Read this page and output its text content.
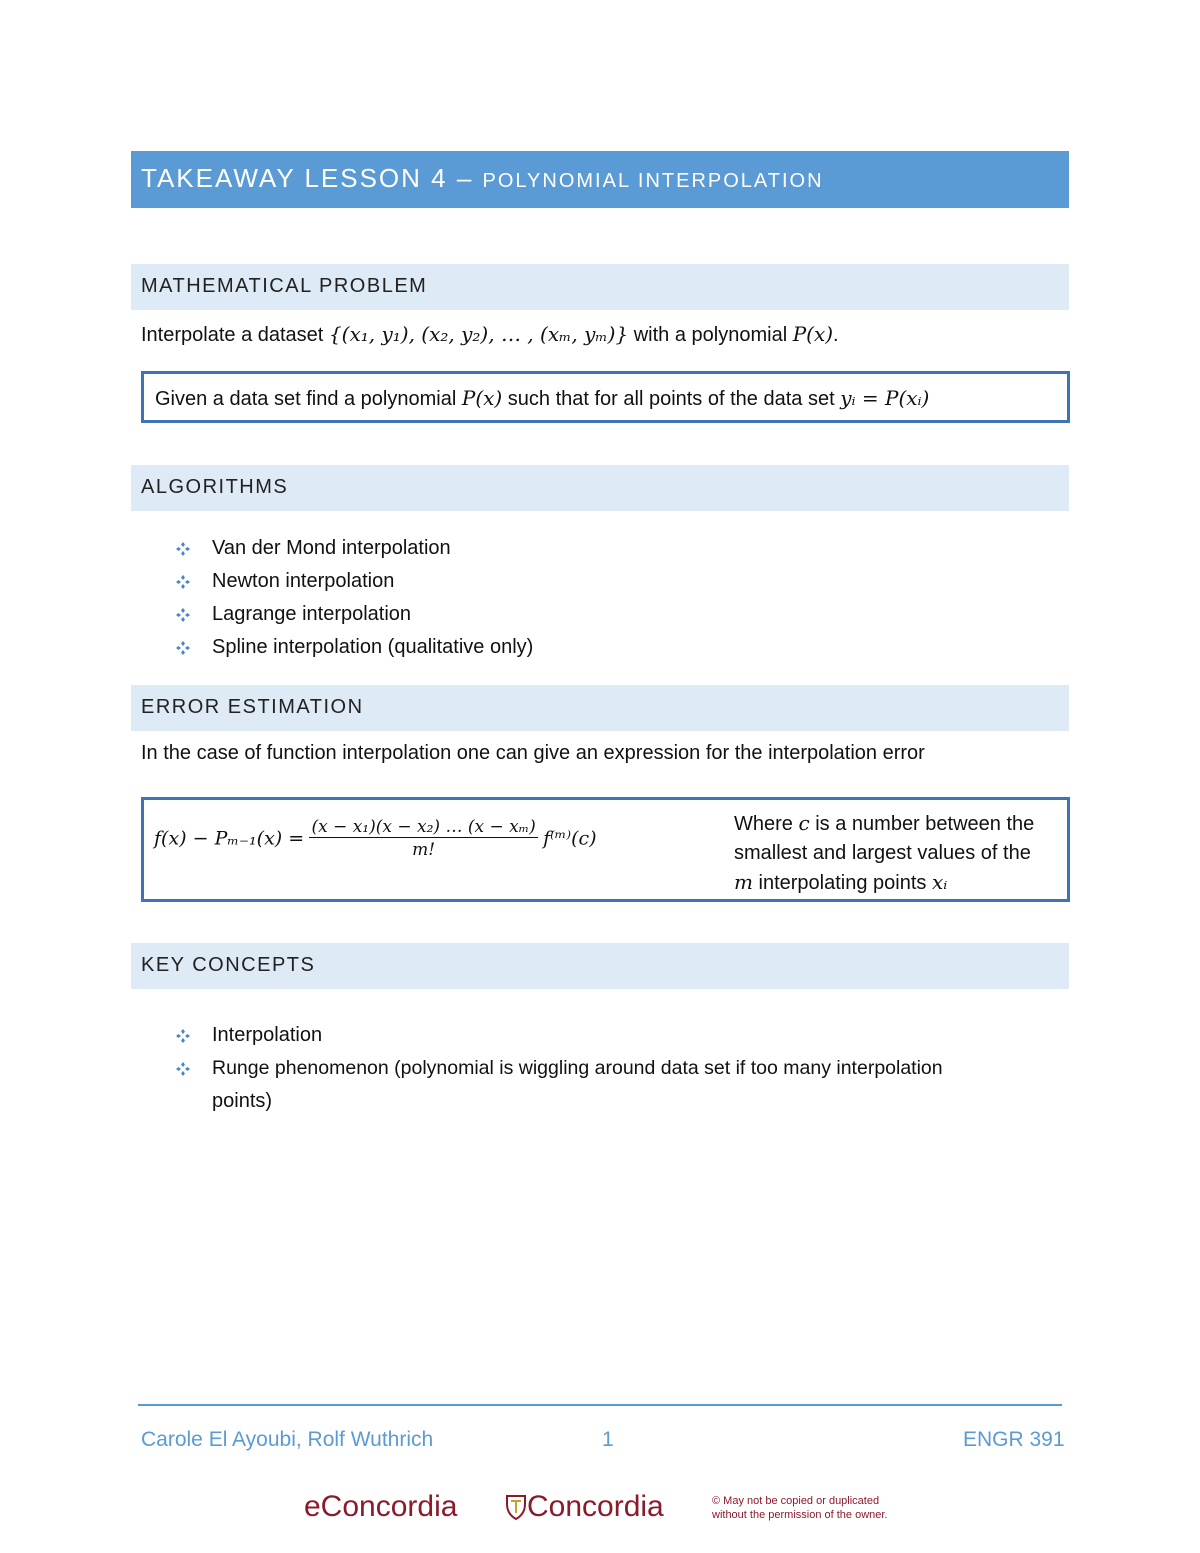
TAKEAWAY LESSON 4 – POLYNOMIAL INTERPOLATION
MATHEMATICAL PROBLEM
Interpolate a dataset {(x₁, y₁), (x₂, y₂), … , (xₘ, yₘ)} with a polynomial P(x).
Given a data set find a polynomial P(x) such that for all points of the data set yᵢ = P(xᵢ)
ALGORITHMS
Van der Mond interpolation
Newton interpolation
Lagrange interpolation
Spline interpolation (qualitative only)
ERROR ESTIMATION
In the case of function interpolation one can give an expression for the interpolation error
$f(x) - P_{m-1}(x) = \frac{\text{(x − x₁)(x − x₂) … (x − xₘ)}}{m!}$ f⁽ᵐ⁾(c)
Where c is a number between the
smallest and largest values of the
m interpolating points xᵢ
KEY CONCEPTS
Interpolation
Runge phenomenon (polynomial is wiggling around data set if too many interpolation
points)
Carole El Ayoubi, Rolf Wuthrich	1	ENGR 391
eConcordia	Concordia	© May not be copied or duplicated
without the permission of the owner.
